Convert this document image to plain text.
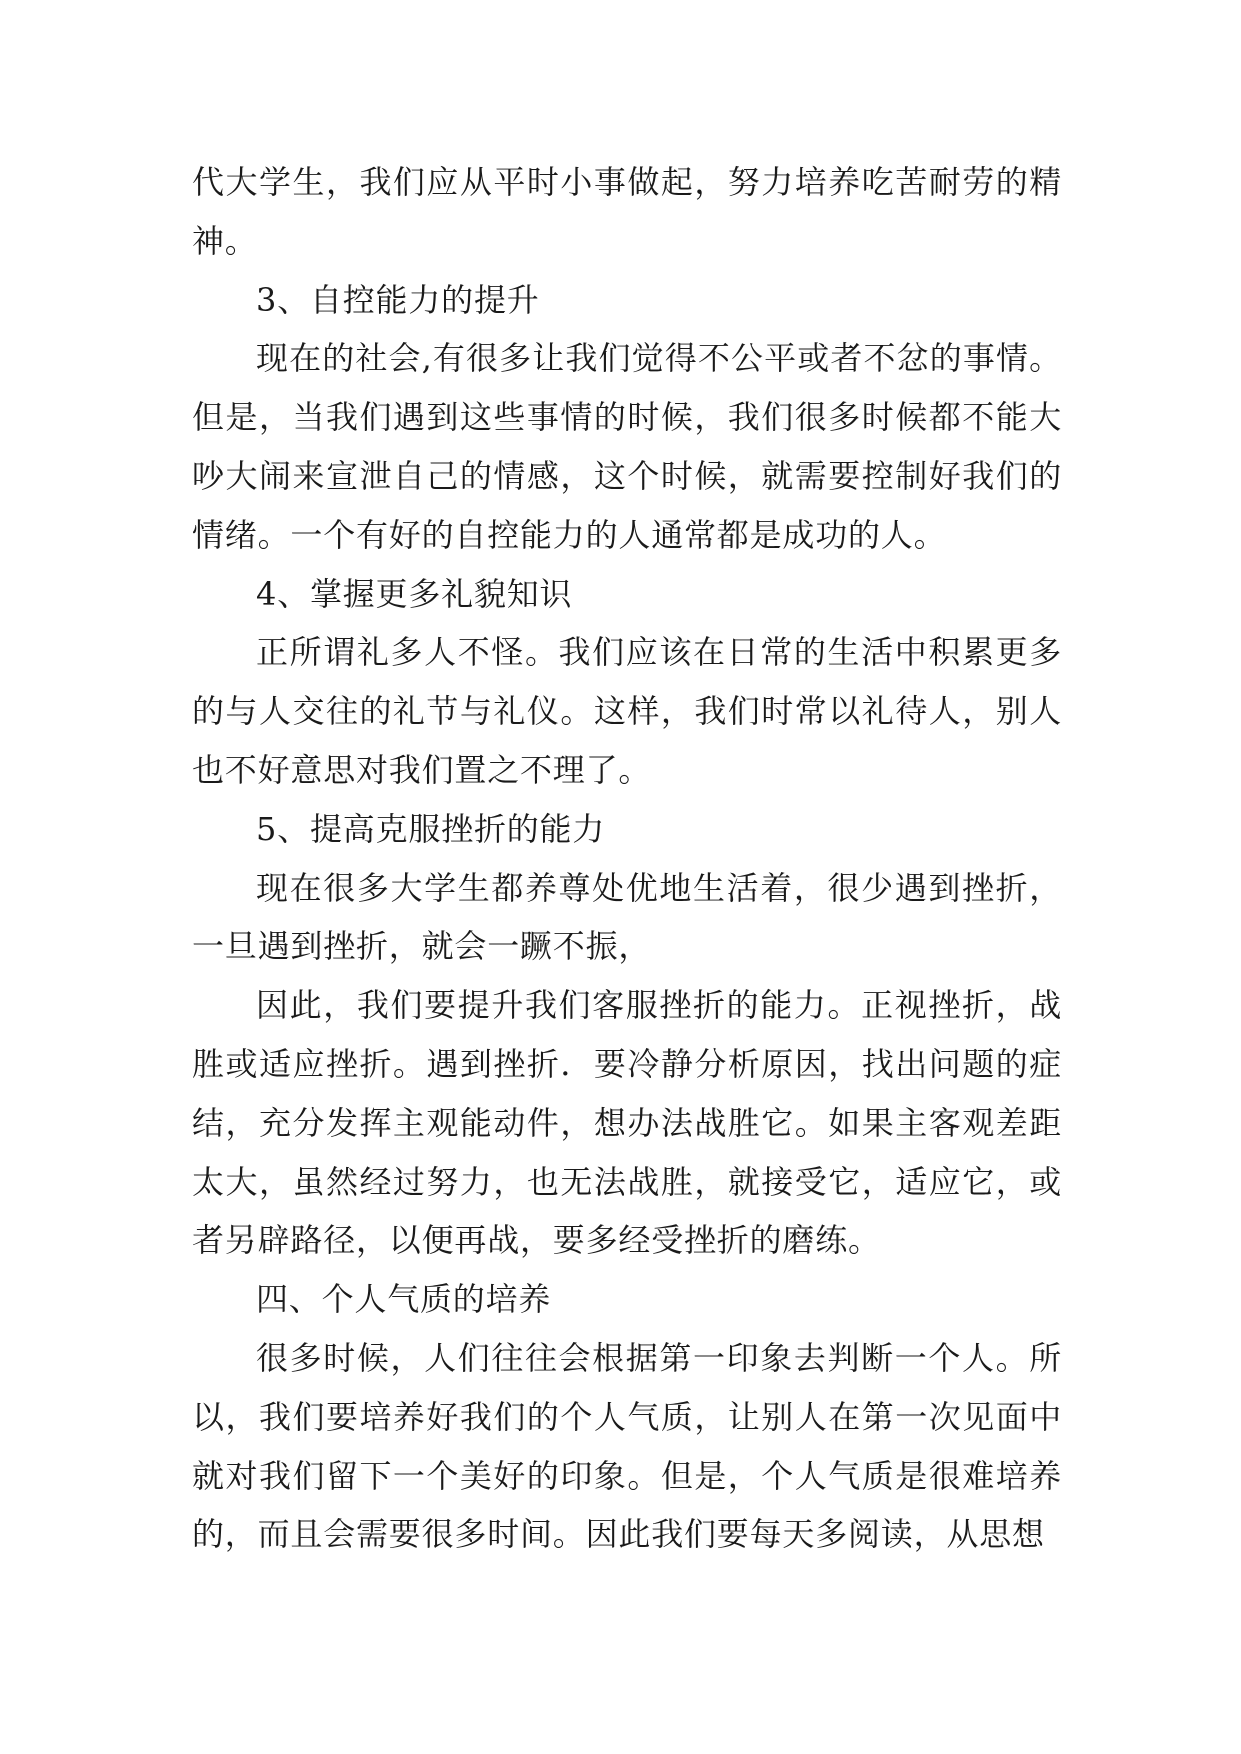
代大学生，我们应从平时小事做起，努力培养吃苦耐劳的精神。

3、自控能力的提升

现在的社会,有很多让我们觉得不公平或者不忿的事情。但是，当我们遇到这些事情的时候，我们很多时候都不能大吵大闹来宣泄自己的情感，这个时候，就需要控制好我们的情绪。一个有好的自控能力的人通常都是成功的人。

4、掌握更多礼貌知识

正所谓礼多人不怪。我们应该在日常的生活中积累更多的与人交往的礼节与礼仪。这样，我们时常以礼待人，别人也不好意思对我们置之不理了。

5、提高克服挫折的能力

现在很多大学生都养尊处优地生活着，很少遇到挫折，一旦遇到挫折，就会一蹶不振，

因此，我们要提升我们客服挫折的能力。正视挫折，战胜或适应挫折。遇到挫折．要冷静分析原因，找出问题的症结，充分发挥主观能动件，想办法战胜它。如果主客观差距太大，虽然经过努力，也无法战胜，就接受它，适应它，或者另辟路径，以便再战，要多经受挫折的磨练。

四、个人气质的培养

很多时候，人们往往会根据第一印象去判断一个人。所以，我们要培养好我们的个人气质，让别人在第一次见面中就对我们留下一个美好的印象。但是，个人气质是很难培养的，而且会需要很多时间。因此我们要每天多阅读，从思想
